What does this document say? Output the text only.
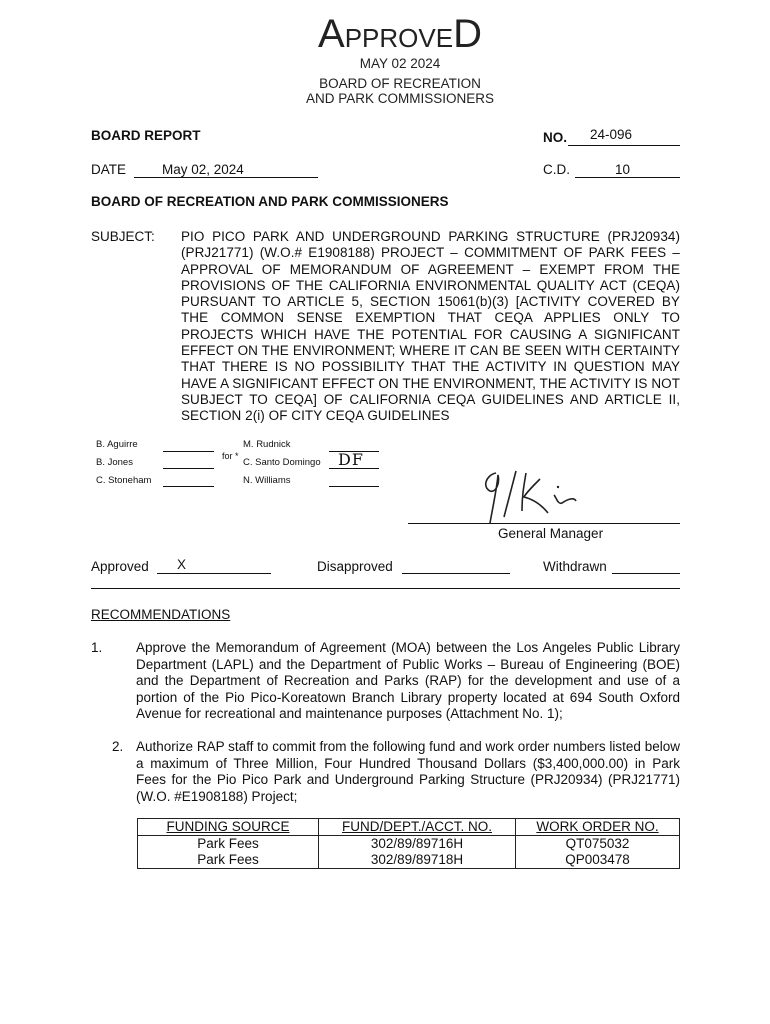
APPROVED
MAY 02 2024
BOARD OF RECREATION
AND PARK COMMISSIONERS
BOARD REPORT	NO. 24-096
DATE	May 02, 2024	C.D.	10
BOARD OF RECREATION AND PARK COMMISSIONERS
SUBJECT: PIO PICO PARK AND UNDERGROUND PARKING STRUCTURE (PRJ20934) (PRJ21771) (W.O.# E1908188) PROJECT – COMMITMENT OF PARK FEES – APPROVAL OF MEMORANDUM OF AGREEMENT – EXEMPT FROM THE PROVISIONS OF THE CALIFORNIA ENVIRONMENTAL QUALITY ACT (CEQA) PURSUANT TO ARTICLE 5, SECTION 15061(b)(3) [ACTIVITY COVERED BY THE COMMON SENSE EXEMPTION THAT CEQA APPLIES ONLY TO PROJECTS WHICH HAVE THE POTENTIAL FOR CAUSING A SIGNIFICANT EFFECT ON THE ENVIRONMENT; WHERE IT CAN BE SEEN WITH CERTAINTY THAT THERE IS NO POSSIBILITY THAT THE ACTIVITY IN QUESTION MAY HAVE A SIGNIFICANT EFFECT ON THE ENVIRONMENT, THE ACTIVITY IS NOT SUBJECT TO CEQA] OF CALIFORNIA CEQA GUIDELINES AND ARTICLE II, SECTION 2(i) OF CITY CEQA GUIDELINES
B. Aguirre
B. Jones
C. Stoneham
M. Rudnick
for *
C. Santo Domingo
N. Williams
DF
General Manager
Approved X	Disapproved	Withdrawn
RECOMMENDATIONS
1. Approve the Memorandum of Agreement (MOA) between the Los Angeles Public Library Department (LAPL) and the Department of Public Works – Bureau of Engineering (BOE) and the Department of Recreation and Parks (RAP) for the development and use of a portion of the Pio Pico-Koreatown Branch Library property located at 694 South Oxford Avenue for recreational and maintenance purposes (Attachment No. 1);
2. Authorize RAP staff to commit from the following fund and work order numbers listed below a maximum of Three Million, Four Hundred Thousand Dollars ($3,400,000.00) in Park Fees for the Pio Pico Park and Underground Parking Structure (PRJ20934) (PRJ21771) (W.O. #E1908188) Project;
FUNDING SOURCE	FUND/DEPT./ACCT. NO.	WORK ORDER NO.
Park Fees	302/89/89716H	QT075032
Park Fees	302/89/89718H	QP003478
